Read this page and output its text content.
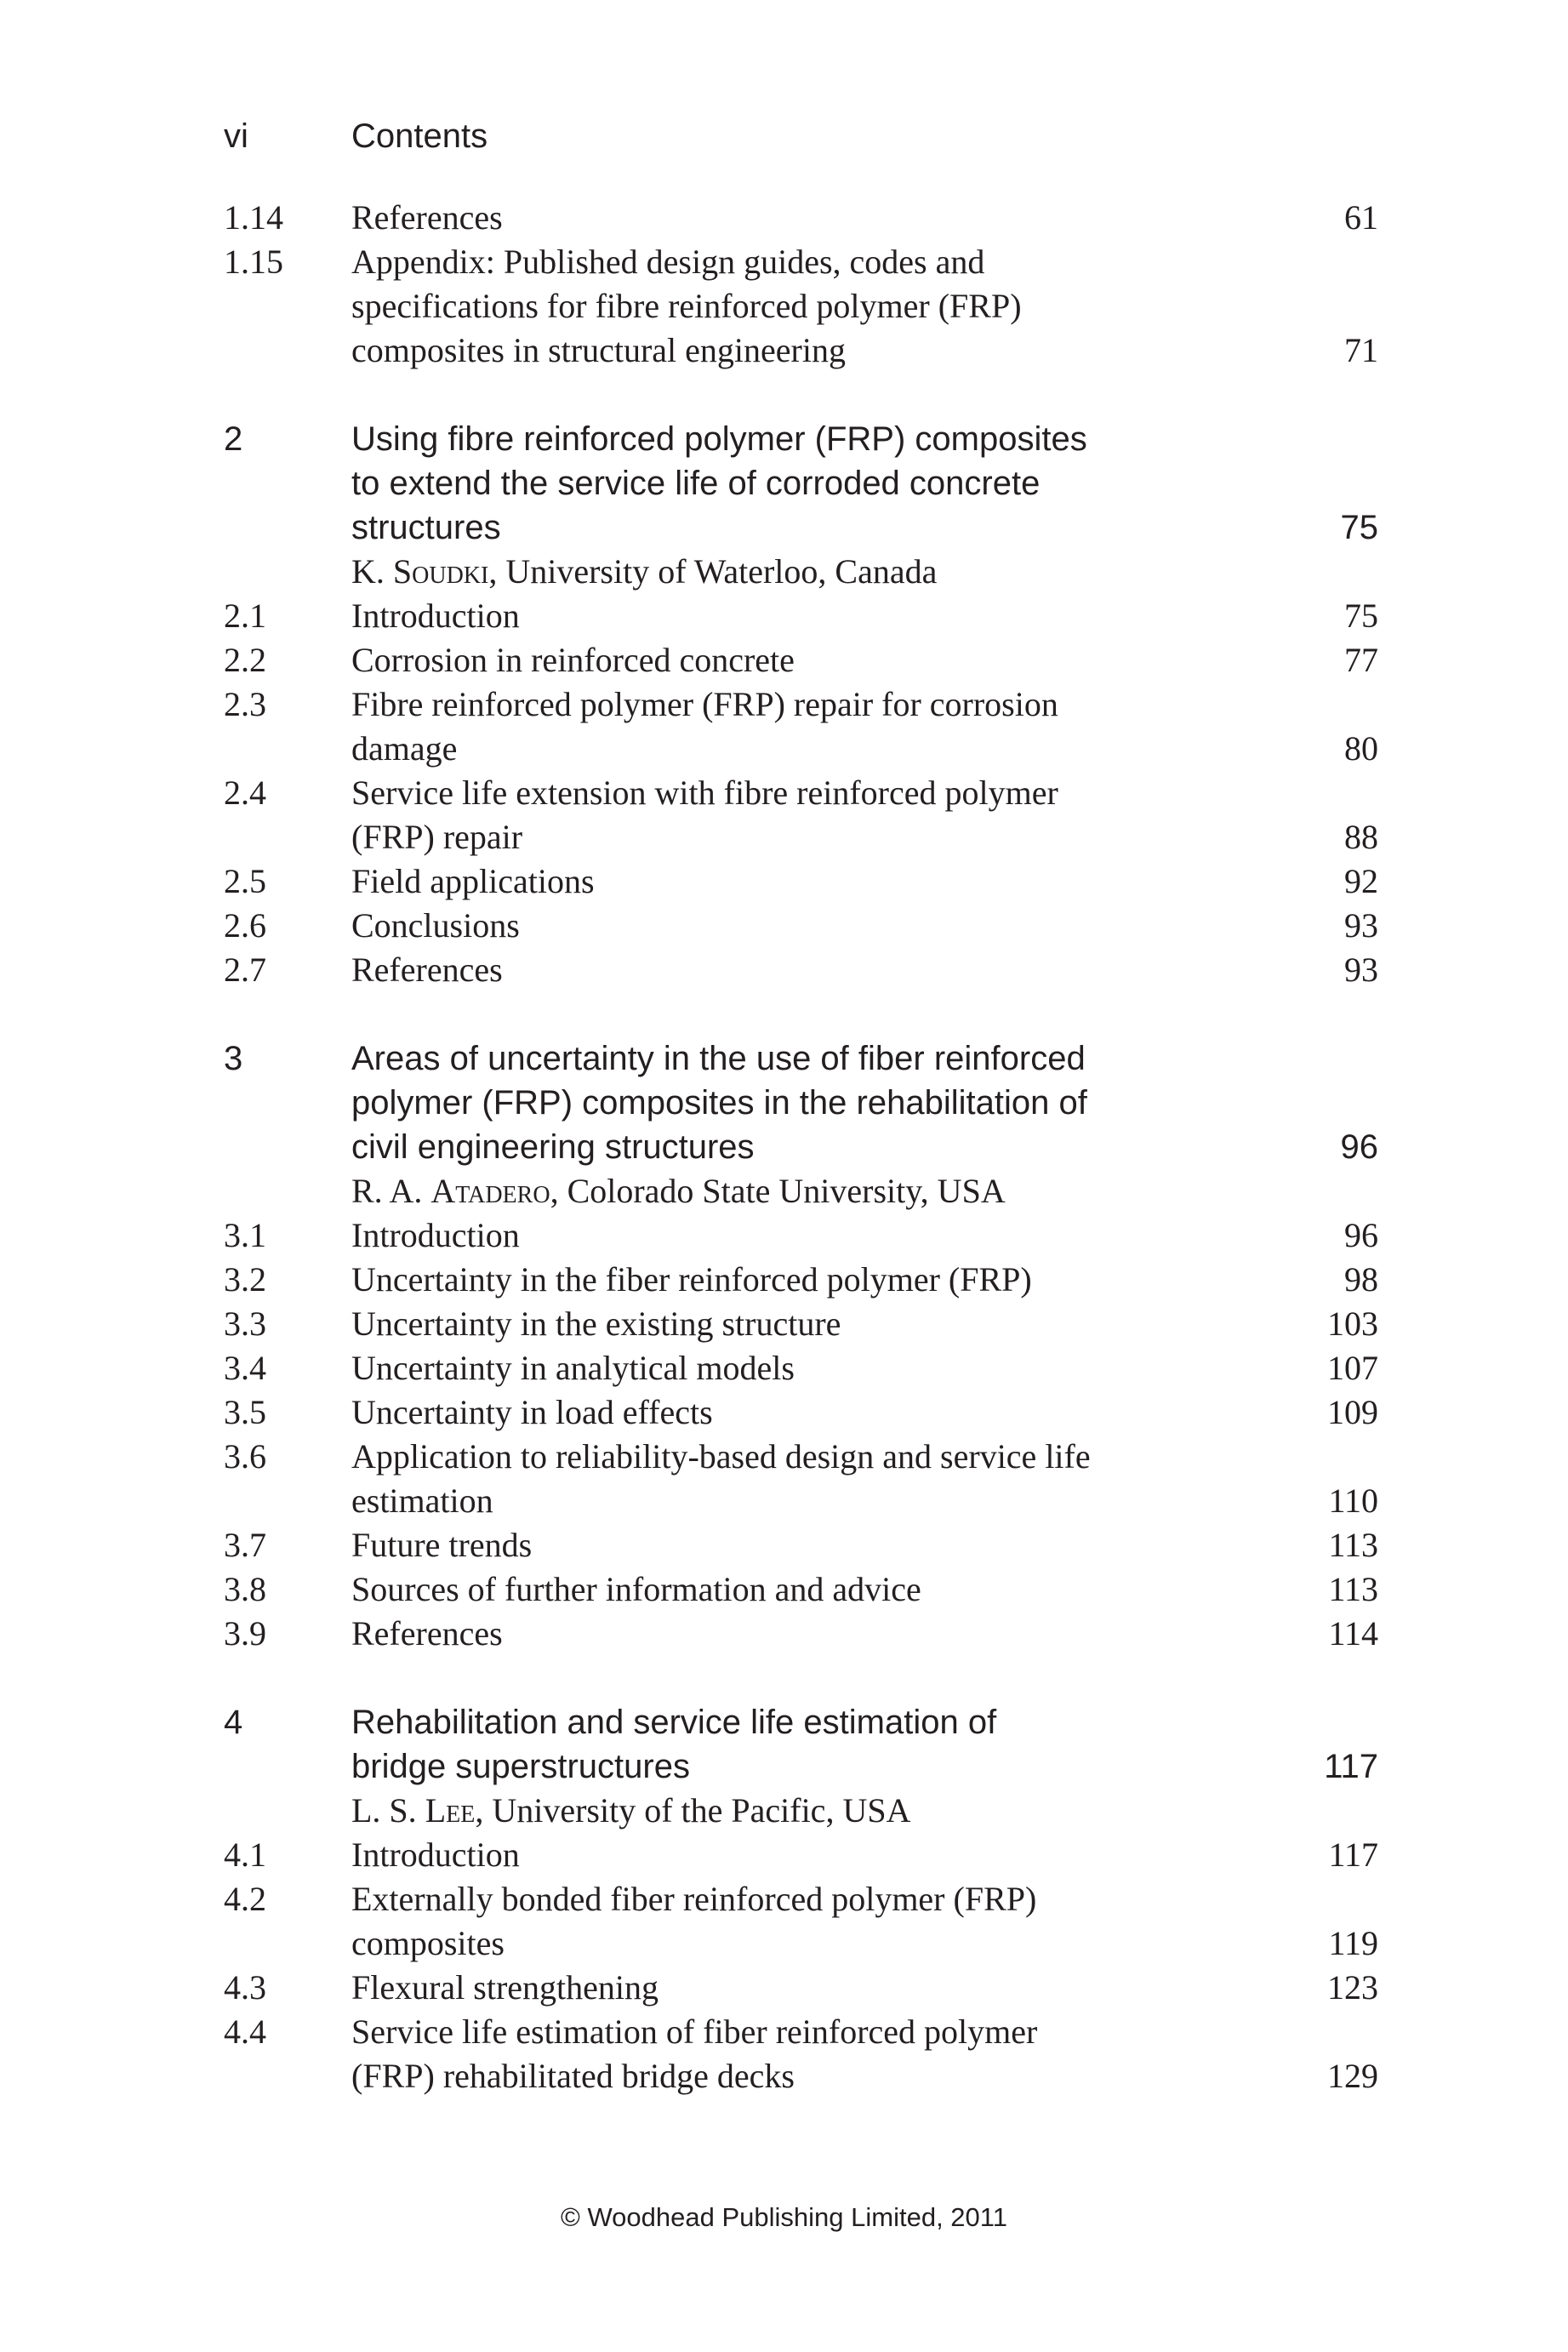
vi	Contents
1.14 References	61
1.15 Appendix: Published design guides, codes and
specifications for fibre reinforced polymer (FRP)
composites in structural engineering	71
2	Using fibre reinforced polymer (FRP) composites
to extend the service life of corroded concrete
structures	75
K. Soudki, University of Waterloo, Canada
2.1	Introduction	75
2.2	Corrosion in reinforced concrete	77
2.3	Fibre reinforced polymer (FRP) repair for corrosion
damage	80
2.4	Service life extension with fibre reinforced polymer
(FRP) repair	88
2.5	Field applications	92
2.6	Conclusions	93
2.7	References	93
3	Areas of uncertainty in the use of fiber reinforced
polymer (FRP) composites in the rehabilitation of
civil engineering structures	96
R. A. Atadero, Colorado State University, USA
3.1	Introduction	96
3.2	Uncertainty in the fiber reinforced polymer (FRP)	98
3.3	Uncertainty in the existing structure	103
3.4	Uncertainty in analytical models	107
3.5	Uncertainty in load effects	109
3.6	Application to reliability-based design and service life
estimation	110
3.7	Future trends	113
3.8	Sources of further information and advice	113
3.9	References	114
4	Rehabilitation and service life estimation of
bridge superstructures	117
L. S. Lee, University of the Pacific, USA
4.1	Introduction	117
4.2	Externally bonded fiber reinforced polymer (FRP)
composites	119
4.3	Flexural strengthening	123
4.4	Service life estimation of fiber reinforced polymer
(FRP) rehabilitated bridge decks	129
© Woodhead Publishing Limited, 2011
